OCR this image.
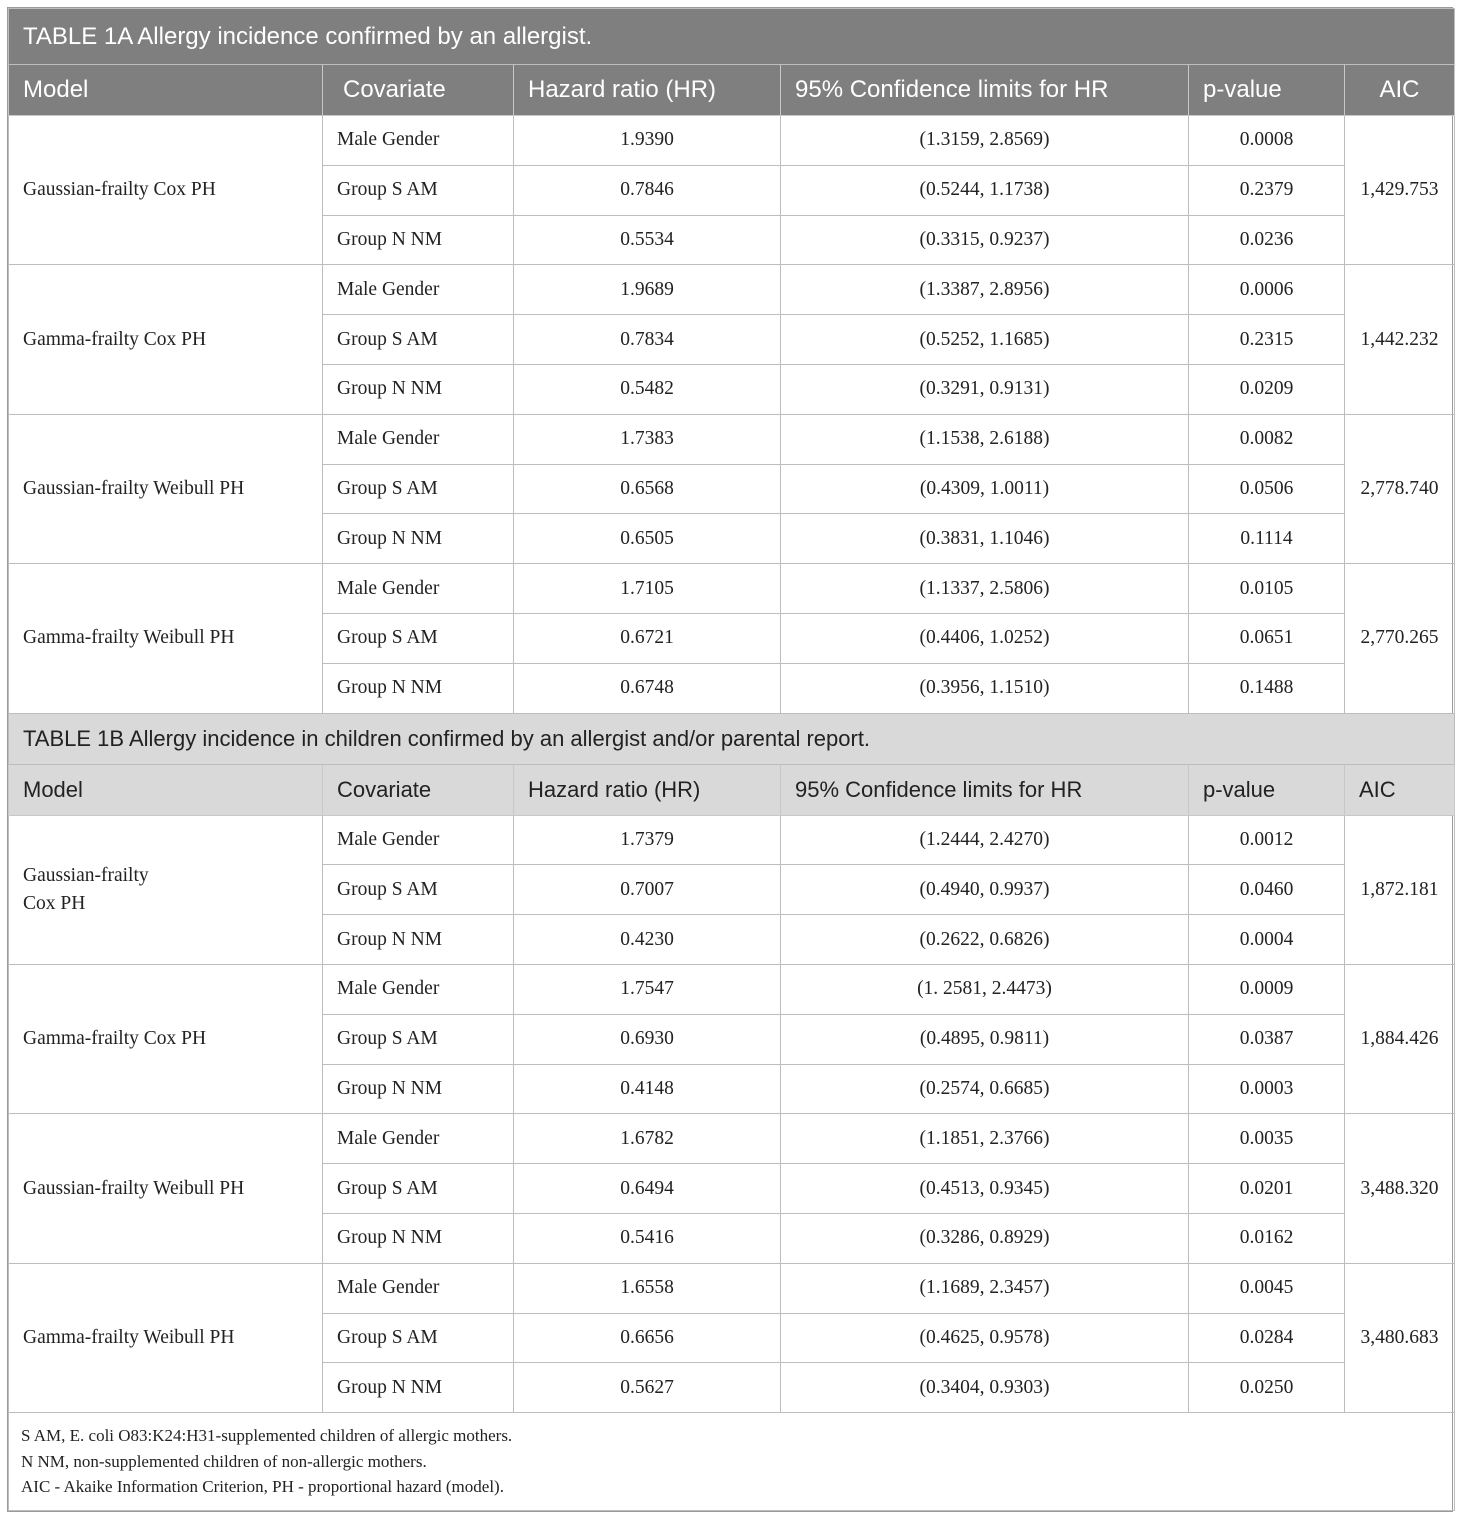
TABLE 1A Allergy incidence confirmed by an allergist.					
Model	Covariate	Hazard ratio (HR)	95% Confidence limits for HR	p-value	AIC
Gaussian-frailty Cox PH	Male Gender	1.9390	(1.3159, 2.8569)	0.0008	1,429.753
	Group S AM	0.7846	(0.5244, 1.1738)	0.2379	
	Group N NM	0.5534	(0.3315, 0.9237)	0.0236	
Gamma-frailty Cox PH	Male Gender	1.9689	(1.3387, 2.8956)	0.0006	1,442.232
	Group S AM	0.7834	(0.5252, 1.1685)	0.2315	
	Group N NM	0.5482	(0.3291, 0.9131)	0.0209	
Gaussian-frailty Weibull PH	Male Gender	1.7383	(1.1538, 2.6188)	0.0082	2,778.740
	Group S AM	0.6568	(0.4309, 1.0011)	0.0506	
	Group N NM	0.6505	(0.3831, 1.1046)	0.1114	
Gamma-frailty Weibull PH	Male Gender	1.7105	(1.1337, 2.5806)	0.0105	2,770.265
	Group S AM	0.6721	(0.4406, 1.0252)	0.0651	
	Group N NM	0.6748	(0.3956, 1.1510)	0.1488	
TABLE 1B Allergy incidence in children confirmed by an allergist and/or parental report.					
Model	Covariate	Hazard ratio (HR)	95% Confidence limits for HR	p-value	AIC

Gaussian-frailty
Cox PH	Male Gender	1.7379	(1.2444, 2.4270)	0.0012	1,872.181
	Group S AM	0.7007	(0.4940, 0.9937)	0.0460	
	Group N NM	0.4230	(0.2622, 0.6826)	0.0004	
Gamma-frailty Cox PH	Male Gender	1.7547	(1. 2581, 2.4473)	0.0009	1,884.426
	Group S AM	0.6930	(0.4895, 0.9811)	0.0387	
	Group N NM	0.4148	(0.2574, 0.6685)	0.0003	
Gaussian-frailty Weibull PH	Male Gender	1.6782	(1.1851, 2.3766)	0.0035	3,488.320
	Group S AM	0.6494	(0.4513, 0.9345)	0.0201	
	Group N NM	0.5416	(0.3286, 0.8929)	0.0162	
Gamma-frailty Weibull PH	Male Gender	1.6558	(1.1689, 2.3457)	0.0045	3,480.683
	Group S AM	0.6656	(0.4625, 0.9578)	0.0284	
	Group N NM	0.5627	(0.3404, 0.9303)	0.0250	

S AM, E. coli O83:K24:H31-supplemented children of allergic mothers.
N NM, non-supplemented children of non-allergic mothers.
AIC - Akaike Information Criterion, PH - proportional hazard (model).					
